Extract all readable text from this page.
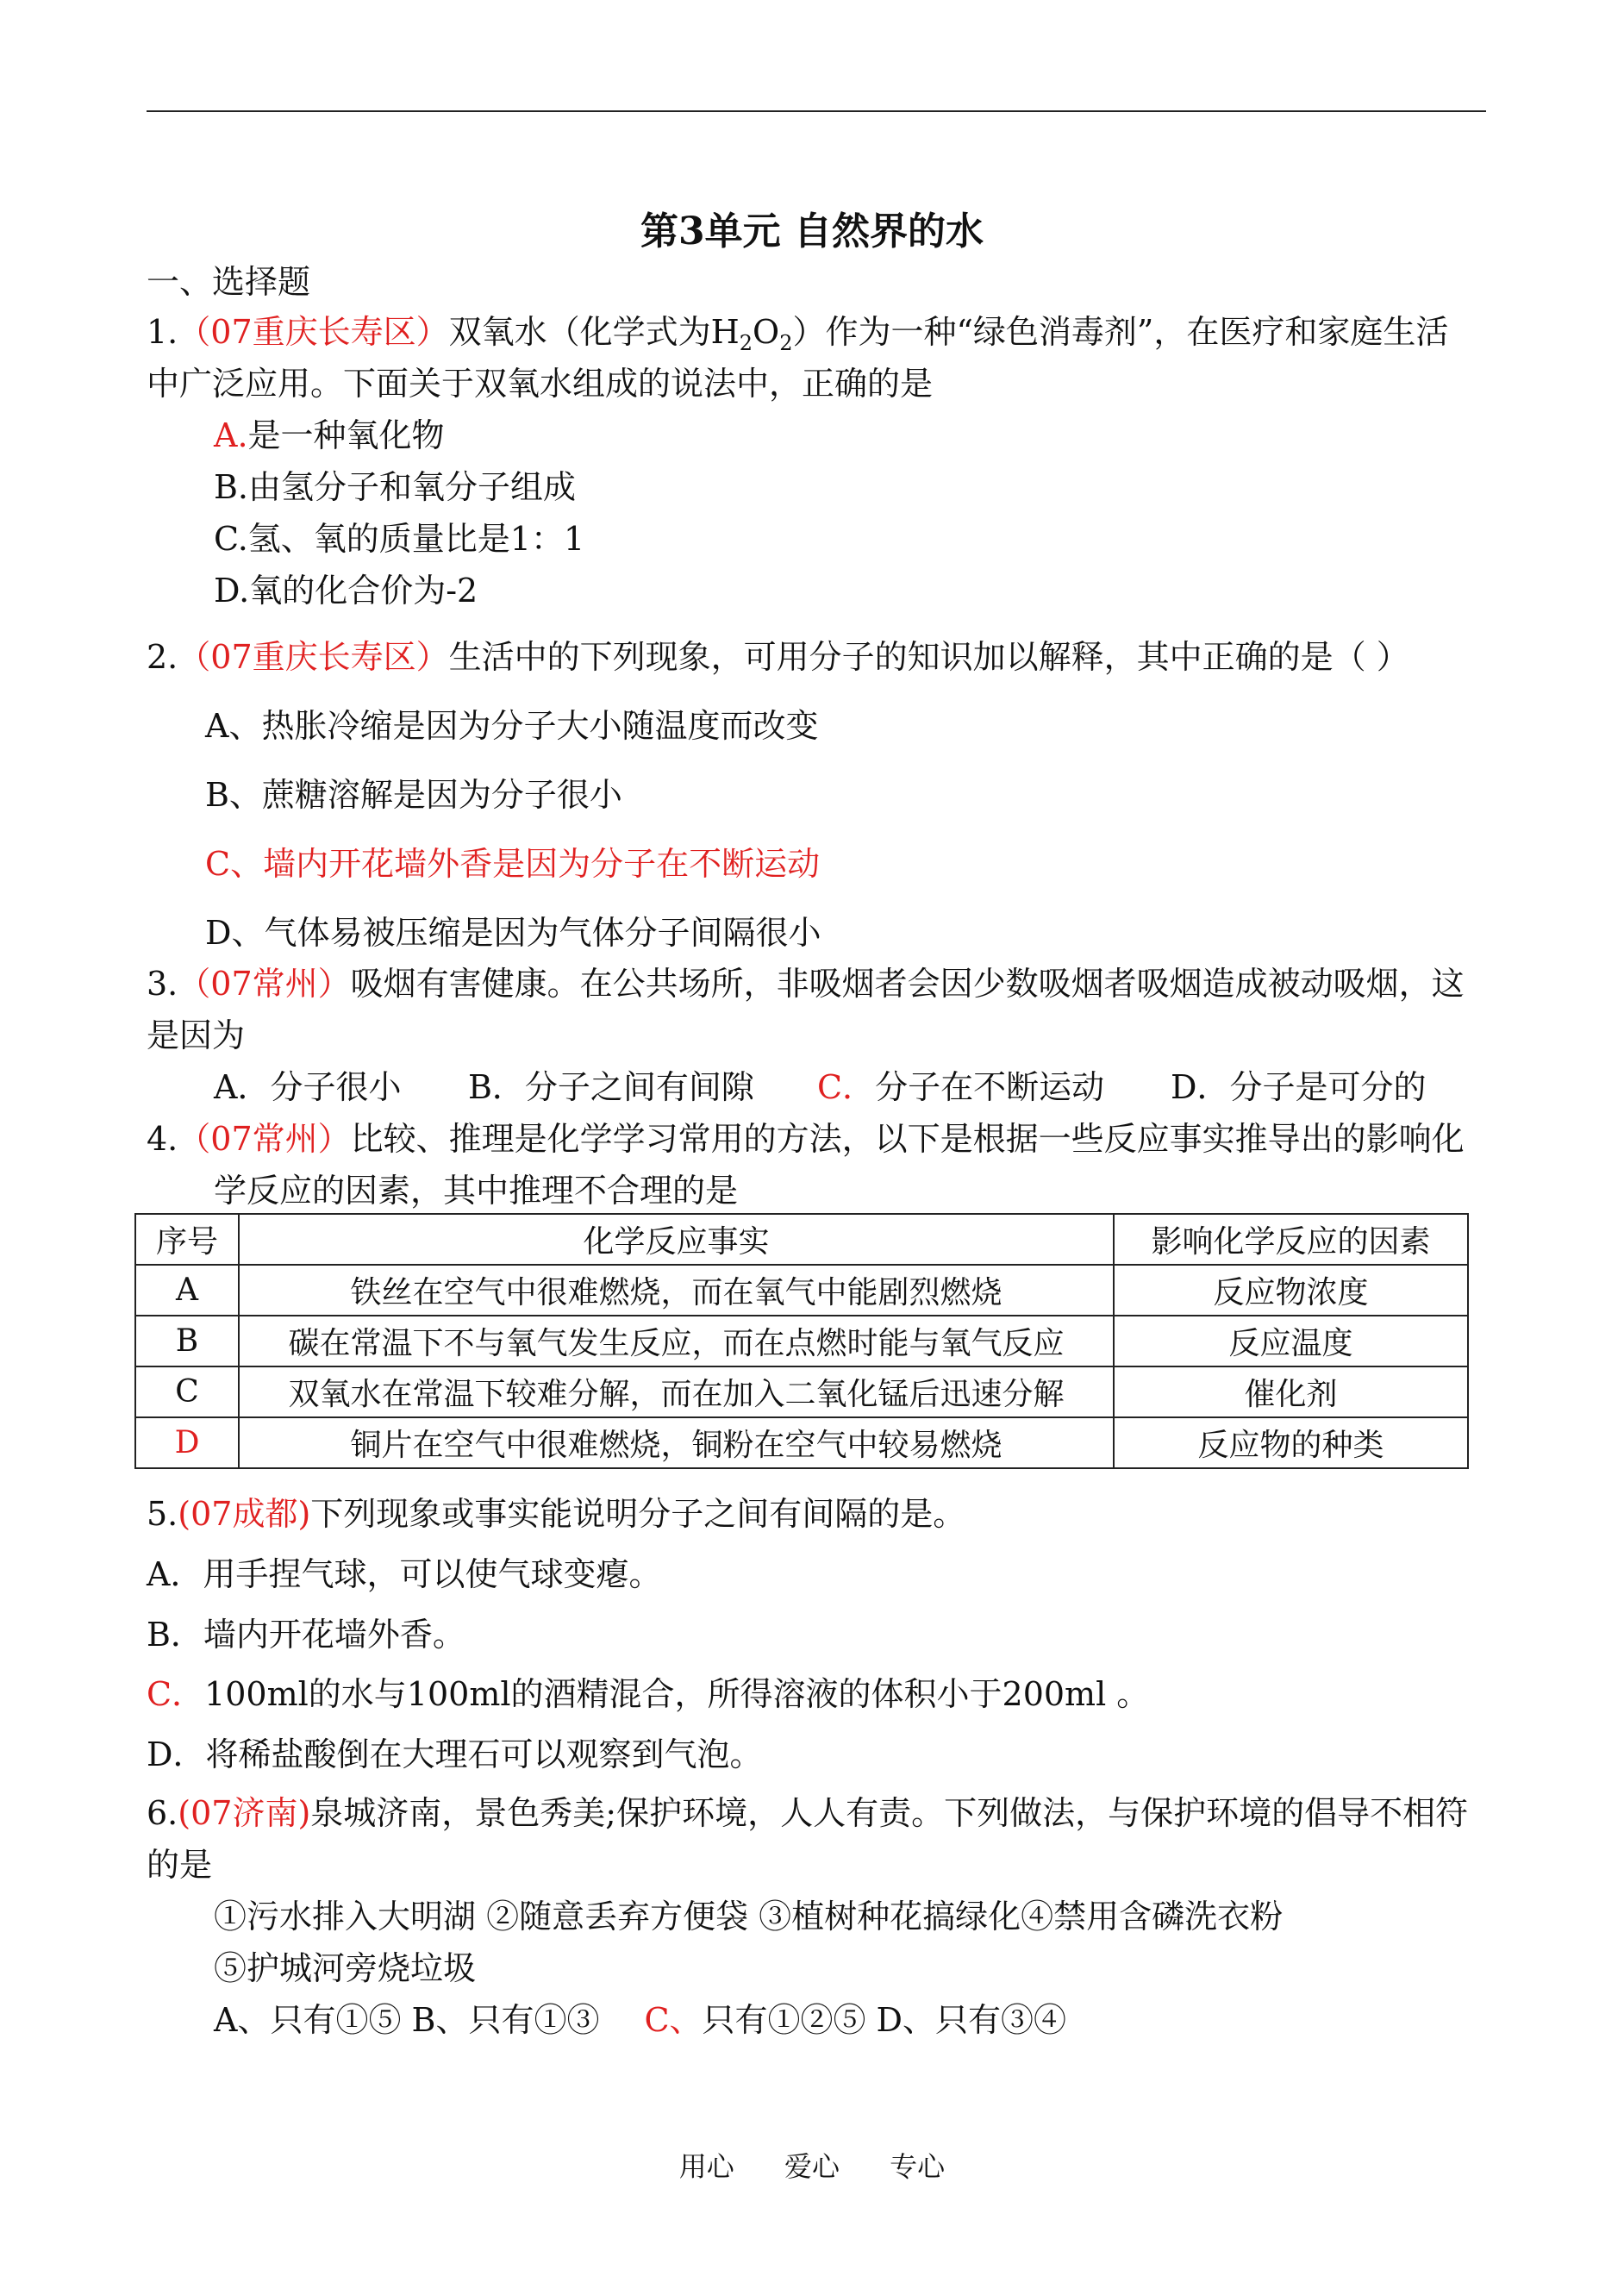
第3单元 自然界的水
一、选择题
1.（07重庆长寿区）双氧水（化学式为$H_2O_2$）作为一种“绿色消毒剂”，在医疗和家庭生活
中广泛应用。下面关于双氧水组成的说法中，正确的是
A.是一种氧化物
B.由氢分子和氧分子组成
C.氢、氧的质量比是1：1
D.氧的化合价为-2
2.（07重庆长寿区）生活中的下列现象，可用分子的知识加以解释，其中正确的是（ ）
A、热胀冷缩是因为分子大小随温度而改变
B、蔗糖溶解是因为分子很小
C、墙内开花墙外香是因为分子在不断运动
D、气体易被压缩是因为气体分子间隔很小
3.（07常州）吸烟有害健康。在公共场所，非吸烟者会因少数吸烟者吸烟造成被动吸烟，这
是因为
A．分子很小 B．分子之间有间隙 C．分子在不断运动 D．分子是可分的
4.（07常州）比较、推理是化学学习常用的方法，以下是根据一些反应事实推导出的影响化
学反应的因素，其中推理不合理的是
序号	化学反应事实	影响化学反应的因素
A	铁丝在空气中很难燃烧，而在氧气中能剧烈燃烧	反应物浓度
B	碳在常温下不与氧气发生反应，而在点燃时能与氧气反应	反应温度
C	双氧水在常温下较难分解，而在加入二氧化锰后迅速分解	催化剂
D	铜片在空气中很难燃烧，铜粉在空气中较易燃烧	反应物的种类
5.(07成都)下列现象或事实能说明分子之间有间隔的是。
A．用手捏气球，可以使气球变瘪。
B．墙内开花墙外香。
C．100ml的水与100ml的酒精混合，所得溶液的体积小于200ml 。
D．将稀盐酸倒在大理石可以观察到气泡。
6.(07济南)泉城济南，景色秀美;保护环境，人人有责。下列做法，与保护环境的倡导不相符
的是
①污水排入大明湖 ②随意丢弃方便袋 ③植树种花搞绿化④禁用含磷洗衣粉
⑤护城河旁烧垃圾
A、只有①⑤ B、只有①③ C、只有①②⑤ D、只有③④
用心 爱心 专心
